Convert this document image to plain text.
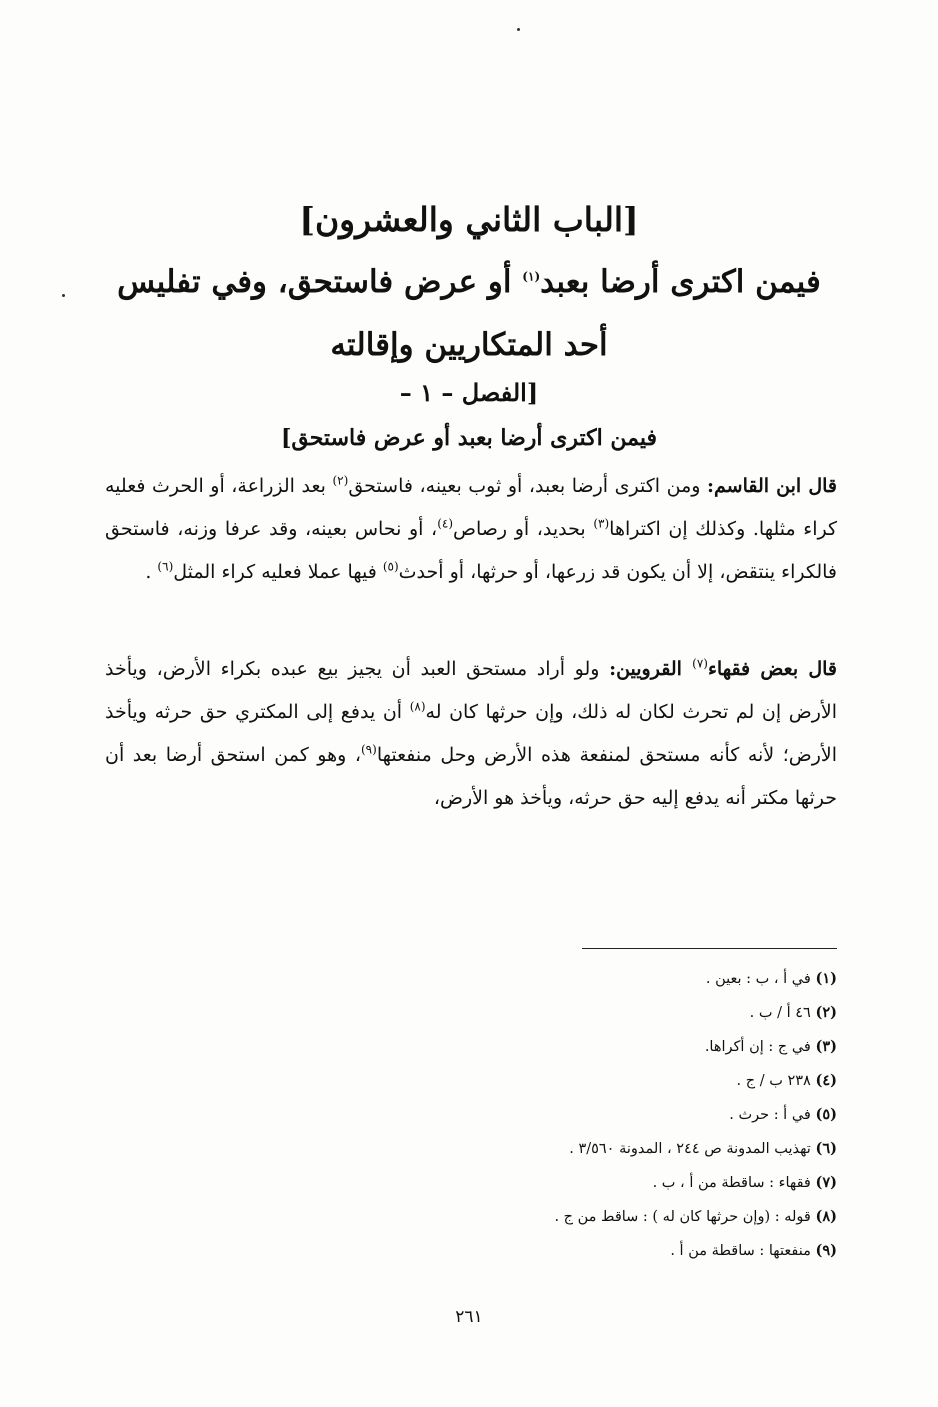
[الباب الثاني والعشرون]
فيمن اكترى أرضا بعبد$^{(١)}$ أو عرض فاستحق، وفي تفليس
أحد المتكاريين وإقالته
[الفصل – ١ –
فيمن اكترى أرضا بعبد أو عرض فاستحق]

قال ابن القاسم: ومن اكترى أرضا بعبد، أو ثوب بعينه، فاستحق$^{(٢)}$ بعد الزراعة، أو الحرث فعليه كراء مثلها. وكذلك إن اكتراها$^{(٣)}$ بحديد، أو رصاص$^{(٤)}$، أو نحاس بعينه، وقد عرفا وزنه، فاستحق فالكراء ينتقض، إلا أن يكون قد زرعها، أو حرثها، أو أحدث$^{(٥)}$ فيها عملا فعليه كراء المثل$^{(٦)}$ .

قال بعض فقهاء$^{(٧)}$ القرويين: ولو أراد مستحق العبد أن يجيز بيع عبده بكراء الأرض، ويأخذ الأرض إن لم تحرث لكان له ذلك، وإن حرثها كان له$^{(٨)}$ أن يدفع إلى المكتري حق حرثه ويأخذ الأرض؛ لأنه كأنه مستحق لمنفعة هذه الأرض وحل منفعتها$^{(٩)}$، وهو كمن استحق أرضا بعد أن حرثها مكتر أنه يدفع إليه حق حرثه، ويأخذ هو الأرض،

(١) في أ ، ب : بعين .
(٢) ٤٦ أ / ب .
(٣) في ج : إن أكراها.
(٤) ٢٣٨ ب / ج .
(٥) في أ : حرث .
(٦) تهذيب المدونة ص ٢٤٤ ، المدونة ٣/٥٦٠ .
(٧) فقهاء : ساقطة من أ ، ب .
(٨) قوله : (وإن حرثها كان له ) : ساقط من ج .
(٩) منفعتها : ساقطة من أ .
٢٦١
